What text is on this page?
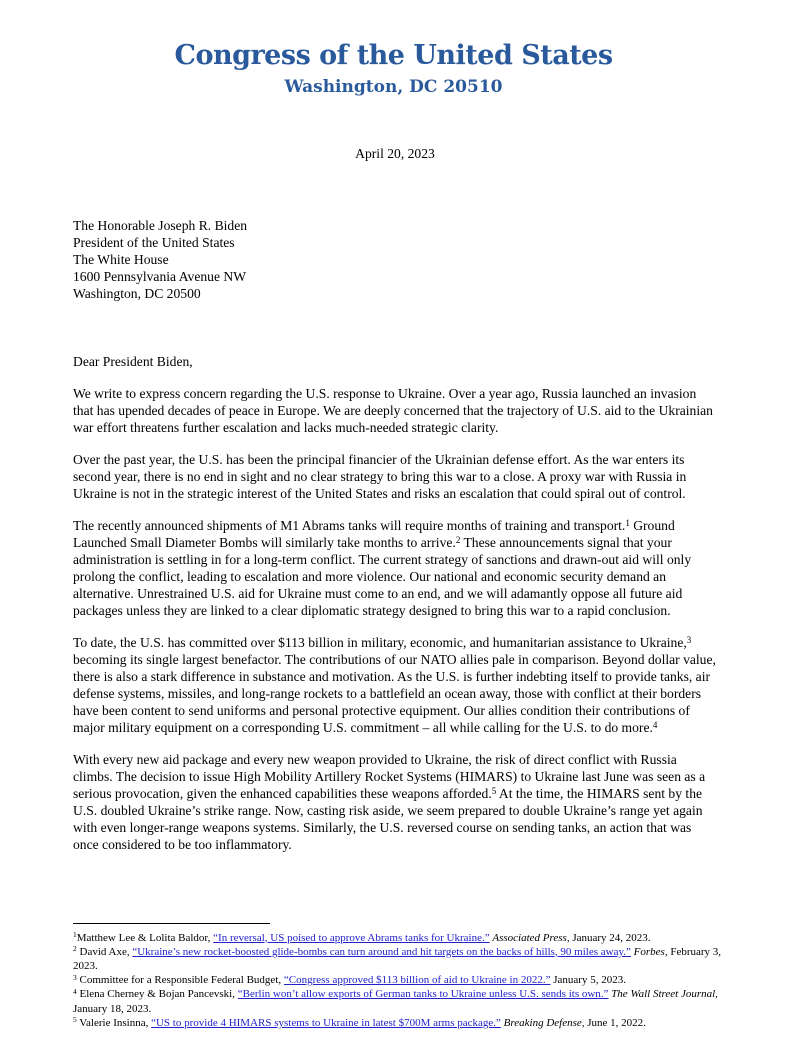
Congress of the United States
Washington, DC 20510
April 20, 2023
The Honorable Joseph R. Biden
President of the United States
The White House
1600 Pennsylvania Avenue NW
Washington, DC 20500
Dear President Biden,

We write to express concern regarding the U.S. response to Ukraine. Over a year ago, Russia launched an invasion that has upended decades of peace in Europe. We are deeply concerned that the trajectory of U.S. aid to the Ukrainian war effort threatens further escalation and lacks much-needed strategic clarity.

Over the past year, the U.S. has been the principal financier of the Ukrainian defense effort. As the war enters its second year, there is no end in sight and no clear strategy to bring this war to a close. A proxy war with Russia in Ukraine is not in the strategic interest of the United States and risks an escalation that could spiral out of control.

The recently announced shipments of M1 Abrams tanks will require months of training and transport.$^1$ Ground Launched Small Diameter Bombs will similarly take months to arrive.$^2$ These announcements signal that your administration is settling in for a long-term conflict. The current strategy of sanctions and drawn-out aid will only prolong the conflict, leading to escalation and more violence. Our national and economic security demand an alternative. Unrestrained U.S. aid for Ukraine must come to an end, and we will adamantly oppose all future aid packages unless they are linked to a clear diplomatic strategy designed to bring this war to a rapid conclusion.

To date, the U.S. has committed over $113 billion in military, economic, and humanitarian assistance to Ukraine,$^3$ becoming its single largest benefactor. The contributions of our NATO allies pale in comparison. Beyond dollar value, there is also a stark difference in substance and motivation. As the U.S. is further indebting itself to provide tanks, air defense systems, missiles, and long-range rockets to a battlefield an ocean away, those with conflict at their borders have been content to send uniforms and personal protective equipment. Our allies condition their contributions of major military equipment on a corresponding U.S. commitment – all while calling for the U.S. to do more.$^4$

With every new aid package and every new weapon provided to Ukraine, the risk of direct conflict with Russia climbs. The decision to issue High Mobility Artillery Rocket Systems (HIMARS) to Ukraine last June was seen as a serious provocation, given the enhanced capabilities these weapons afforded.$^5$ At the time, the HIMARS sent by the U.S. doubled Ukraine’s strike range. Now, casting risk aside, we seem prepared to double Ukraine’s range yet again with even longer-range weapons systems. Similarly, the U.S. reversed course on sending tanks, an action that was once considered to be too inflammatory.

$^1$Matthew Lee & Lolita Baldor, “In reversal, US poised to approve Abrams tanks for Ukraine.” Associated Press, January 24, 2023.
$^2$ David Axe, “Ukraine’s new rocket-boosted glide-bombs can turn around and hit targets on the backs of hills, 90 miles away.” Forbes, February 3, 2023.
$^3$ Committee for a Responsible Federal Budget, “Congress approved $113 billion of aid to Ukraine in 2022.” January 5, 2023.
$^4$ Elena Cherney & Bojan Pancevski, “Berlin won’t allow exports of German tanks to Ukraine unless U.S. sends its own.” The Wall Street Journal, January 18, 2023.
$^5$ Valerie Insinna, “US to provide 4 HIMARS systems to Ukraine in latest $700M arms package.” Breaking Defense, June 1, 2022.
